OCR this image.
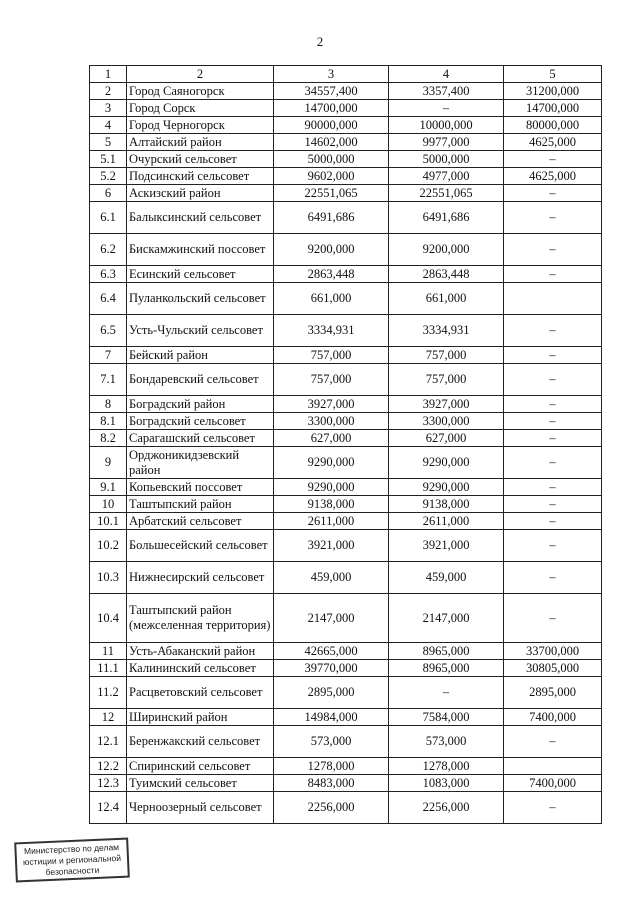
2
1	2	3	4	5
2	Город Саяногорск	34557,400	3357,400	31200,000
3	Город Сорск	14700,000	–	14700,000
4	Город Черногорск	90000,000	10000,000	80000,000
5	Алтайский район	14602,000	9977,000	4625,000
5.1	Очурский сельсовет	5000,000	5000,000	–
5.2	Подсинский сельсовет	9602,000	4977,000	4625,000
6	Аскизский район	22551,065	22551,065	–
6.1	Балыксинский сельсовет	6491,686	6491,686	–
6.2	Бискамжинский поссовет	9200,000	9200,000	–
6.3	Есинский сельсовет	2863,448	2863,448	–
6.4	Пуланкольский сельсовет	661,000	661,000	
6.5	Усть-Чульский сельсовет	3334,931	3334,931	–
7	Бейский район	757,000	757,000	–
7.1	Бондаревский сельсовет	757,000	757,000	–
8	Боградский район	3927,000	3927,000	–
8.1	Боградский сельсовет	3300,000	3300,000	–
8.2	Сарагашский сельсовет	627,000	627,000	–
9	Орджоникидзевский район	9290,000	9290,000	–
9.1	Копьевский поссовет	9290,000	9290,000	–
10	Таштыпский район	9138,000	9138,000	–
10.1	Арбатский сельсовет	2611,000	2611,000	–
10.2	Большесейский сельсовет	3921,000	3921,000	–
10.3	Нижнесирский сельсовет	459,000	459,000	–
10.4	Таштыпский район (межселенная территория)	2147,000	2147,000	–
11	Усть-Абаканский район	42665,000	8965,000	33700,000
11.1	Калининский сельсовет	39770,000	8965,000	30805,000
11.2	Расцветовский сельсовет	2895,000	–	2895,000
12	Ширинский район	14984,000	7584,000	7400,000
12.1	Беренжакский сельсовет	573,000	573,000	–
12.2	Спиринский сельсовет	1278,000	1278,000	
12.3	Туимский сельсовет	8483,000	1083,000	7400,000
12.4	Черноозерный сельсовет	2256,000	2256,000	–
Министерство по делам
юстиции и региональной
безопасности
